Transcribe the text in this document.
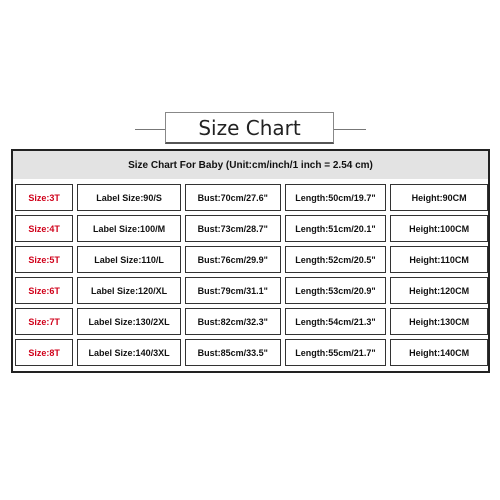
Size Chart
Size Chart For Baby (Unit:cm/inch/1 inch = 2.54 cm)
Size:3T	Label Size:90/S	Bust:70cm/27.6"	Length:50cm/19.7"	Height:90CM
Size:4T	Label Size:100/M	Bust:73cm/28.7"	Length:51cm/20.1"	Height:100CM
Size:5T	Label Size:110/L	Bust:76cm/29.9"	Length:52cm/20.5"	Height:110CM
Size:6T	Label Size:120/XL	Bust:79cm/31.1"	Length:53cm/20.9"	Height:120CM
Size:7T	Label Size:130/2XL	Bust:82cm/32.3"	Length:54cm/21.3"	Height:130CM
Size:8T	Label Size:140/3XL	Bust:85cm/33.5"	Length:55cm/21.7"	Height:140CM
